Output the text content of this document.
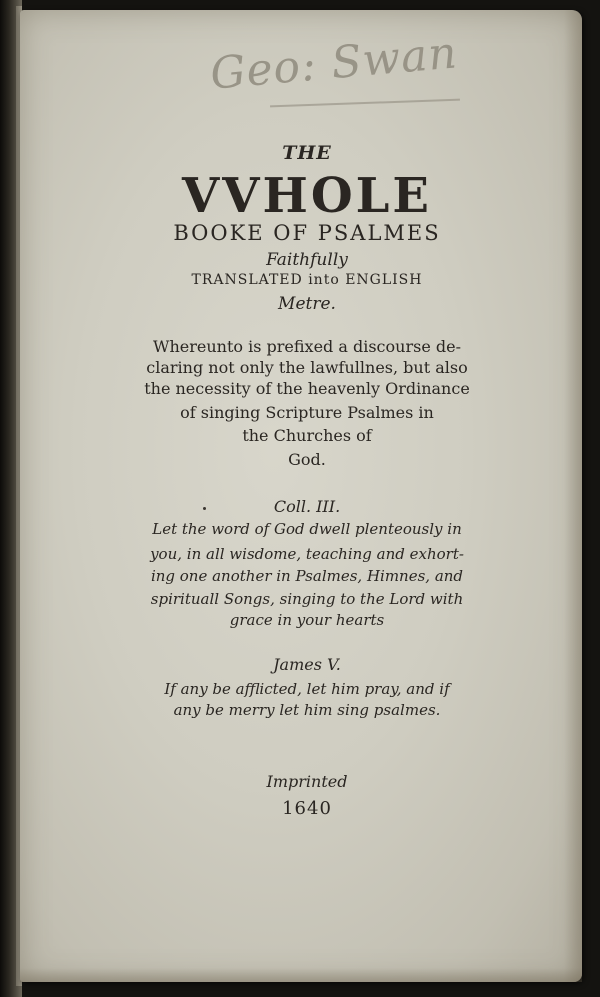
Geo: Swan
THE
VVHOLE
BOOKE OF PSALMES
Faithfully
TRANSLATED into ENGLISH
Metre.
Whereunto is prefixed a discourse de-
claring not only the lawfullnes, but also
the necessity of the heavenly Ordinance
of singing Scripture Psalmes in
the Churches of
God.
Coll. III.
Let the word of God dwell plenteously in
you, in all wisdome, teaching and exhort-
ing one another in Psalmes, Himnes, and
spirituall Songs, singing to the Lord with
grace in your hearts
James V.
If any be afflicted, let him pray, and if
any be merry let him sing psalmes.
Imprinted
1640
